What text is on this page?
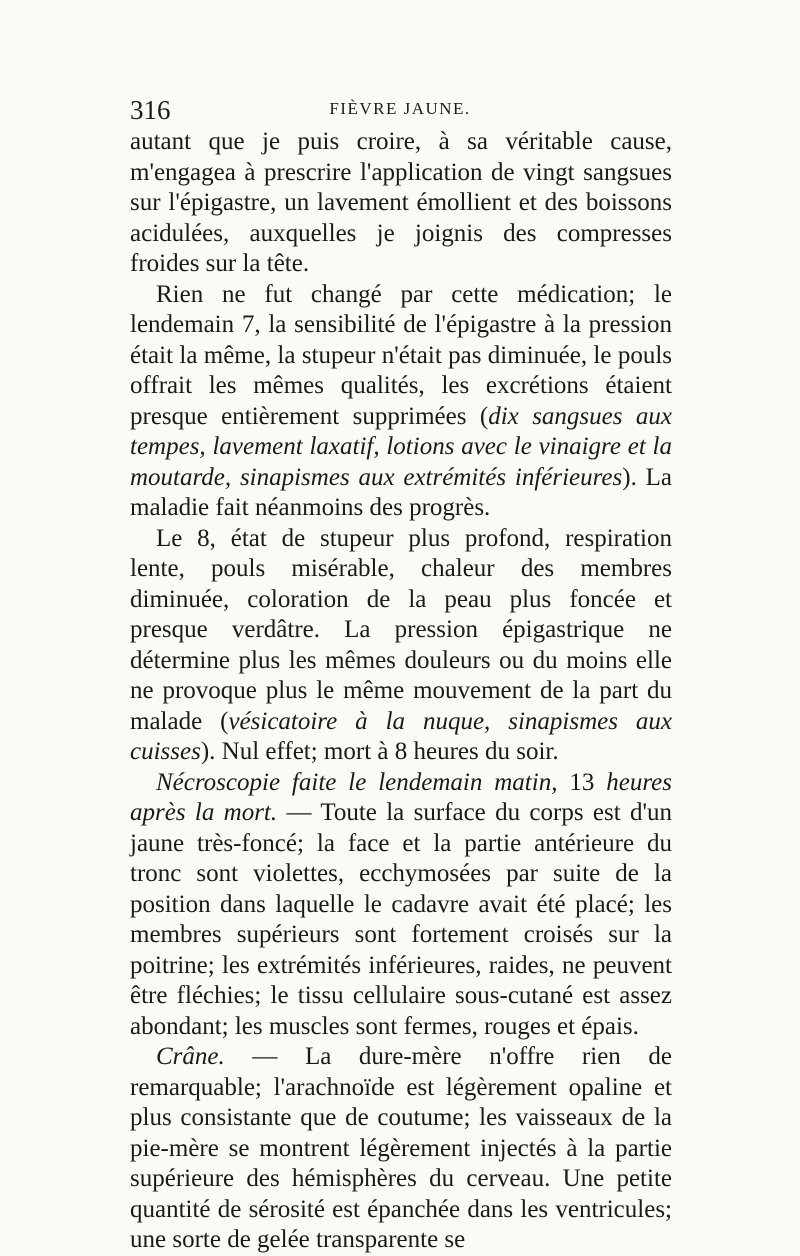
316	FIÈVRE JAUNE.

autant que je puis croire, à sa véritable cause, m'engagea à prescrire l'application de vingt sangsues sur l'épigastre, un lavement émollient et des boissons acidulées, auxquelles je joignis des compresses froides sur la tête.

Rien ne fut changé par cette médication; le lendemain 7, la sensibilité de l'épigastre à la pression était la même, la stupeur n'était pas diminuée, le pouls offrait les mêmes qualités, les excrétions étaient presque entièrement supprimées (dix sangsues aux tempes, lavement laxatif, lotions avec le vinaigre et la moutarde, sinapismes aux extrémités inférieures). La maladie fait néanmoins des progrès.

Le 8, état de stupeur plus profond, respiration lente, pouls misérable, chaleur des membres diminuée, coloration de la peau plus foncée et presque verdâtre. La pression épigastrique ne détermine plus les mêmes douleurs ou du moins elle ne provoque plus le même mouvement de la part du malade (vésicatoire à la nuque, sinapismes aux cuisses). Nul effet; mort à 8 heures du soir.

Nécroscopie faite le lendemain matin, 13 heures après la mort. — Toute la surface du corps est d'un jaune très-foncé; la face et la partie antérieure du tronc sont violettes, ecchymosées par suite de la position dans laquelle le cadavre avait été placé; les membres supérieurs sont fortement croisés sur la poitrine; les extrémités inférieures, raides, ne peuvent être fléchies; le tissu cellulaire sous-cutané est assez abondant; les muscles sont fermes, rouges et épais.

Crâne. — La dure-mère n'offre rien de remarquable; l'arachnoïde est légèrement opaline et plus consistante que de coutume; les vaisseaux de la pie-mère se montrent légèrement injectés à la partie supérieure des hémisphères du cerveau. Une petite quantité de sérosité est épanchée dans les ventricules; une sorte de gelée transparente se
